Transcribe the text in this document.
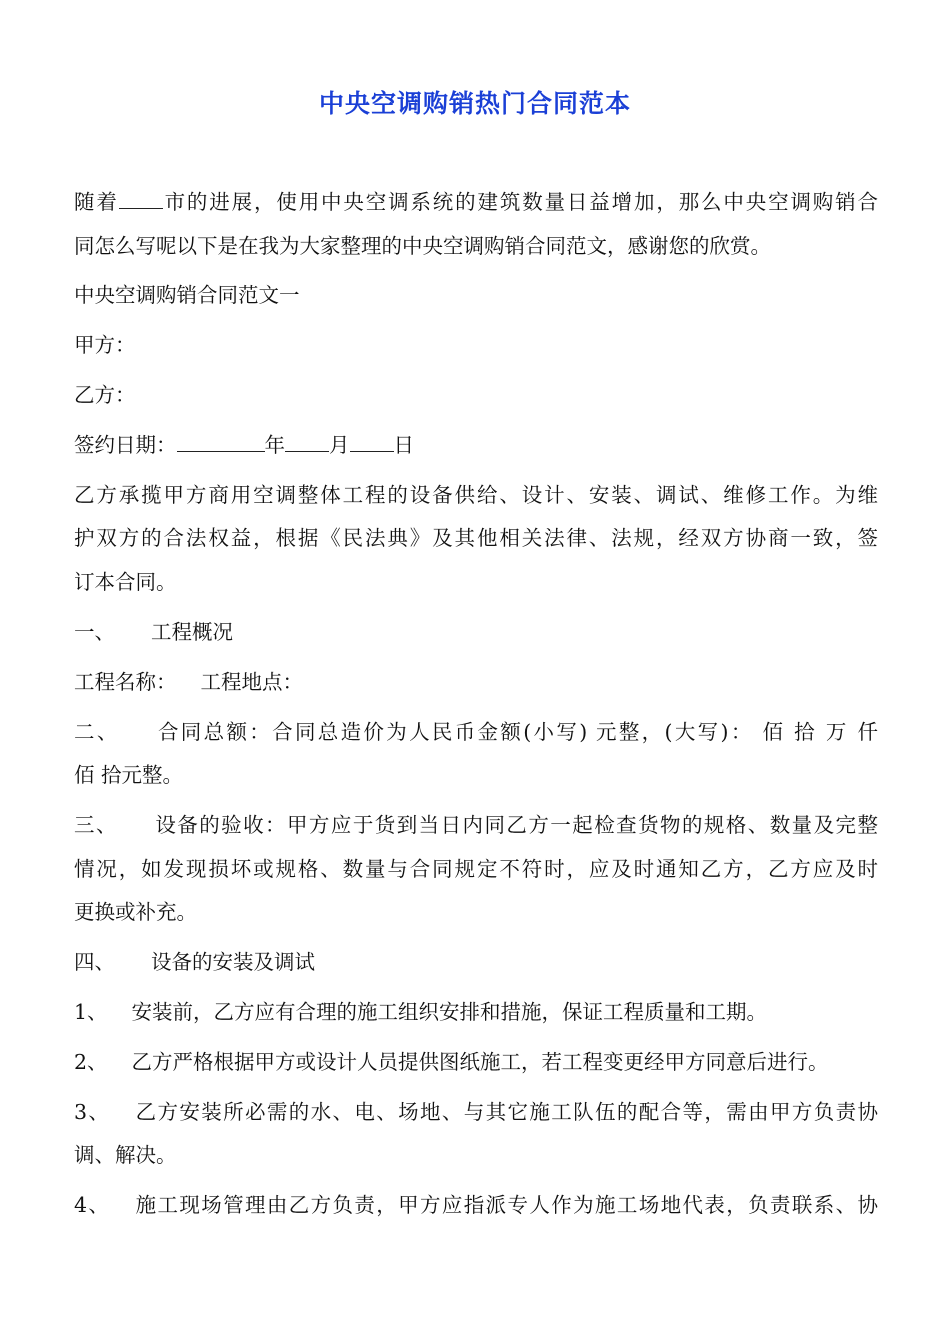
中央空调购销热门合同范本

随着 市的进展，使用中央空调系统的建筑数量日益增加，那么中央空调购销合
同怎么写呢以下是在我为大家整理的中央空调购销合同范文，感谢您的欣赏。

中央空调购销合同范文一

甲方：

乙方：

签约日期：	年 月 日

乙方承揽甲方商用空调整体工程的设备供给、设计、安装、调试、维修工作。为维
护双方的合法权益，根据《民法典》及其他相关法律、法规，经双方协商一致，签
订本合同。

一、 工程概况

工程名称： 工程地点：

二、 合同总额：合同总造价为人民币金额(小写) 元整，(大写)： 佰 拾 万 仟
佰 拾元整。

三、 设备的验收：甲方应于货到当日内同乙方一起检查货物的规格、数量及完整
情况，如发现损坏或规格、数量与合同规定不符时，应及时通知乙方，乙方应及时
更换或补充。

四、 设备的安装及调试

1、 安装前，乙方应有合理的施工组织安排和措施，保证工程质量和工期。

2、 乙方严格根据甲方或设计人员提供图纸施工，若工程变更经甲方同意后进行。

3、 乙方安装所必需的水、电、场地、与其它施工队伍的配合等，需由甲方负责协
调、解决。

4、 施工现场管理由乙方负责，甲方应指派专人作为施工场地代表，负责联系、协
